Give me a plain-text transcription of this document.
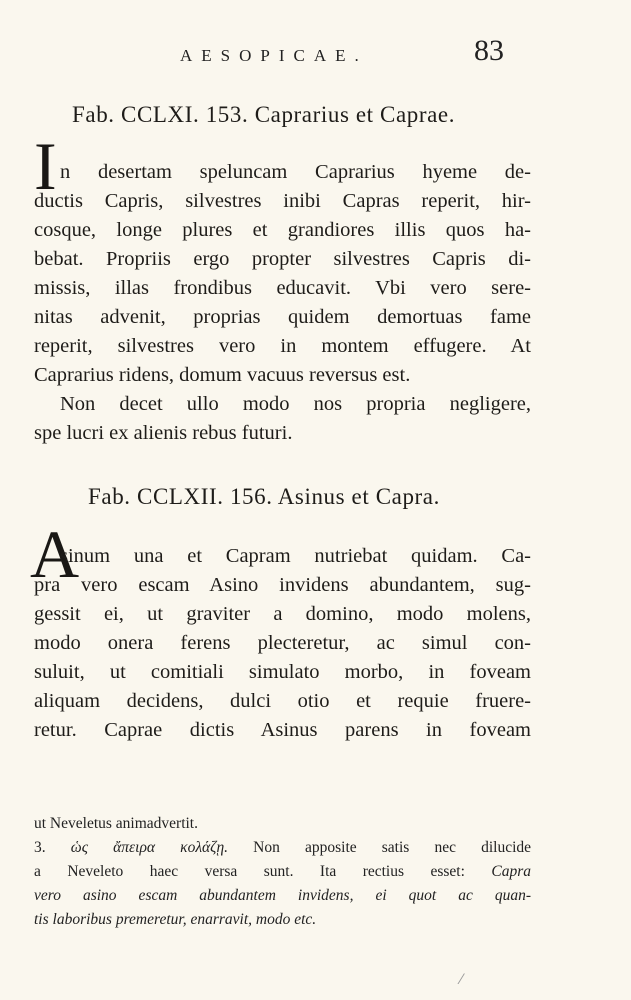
AESOPICAE.	83
Fab. CCLXI. 153. Caprarius et Caprae.
I n desertam speluncam Caprarius hyeme de-
ductis Capris, silvestres inibi Capras reperit, hir-
cosque, longe plures et grandiores illis quos ha-
bebat. Propriis ergo propter silvestres Capris di-
missis, illas frondibus educavit. Vbi vero sere-
nitas advenit, proprias quidem demortuas fame
reperit, silvestres vero in montem effugere. At
Caprarius ridens, domum vacuus reversus est.
Non decet ullo modo nos propria negligere,
spe lucri ex alienis rebus futuri.
Fab. CCLXII. 156. Asinus et Capra.
A
sinum una et Capram nutriebat quidam. Ca-
pra vero escam Asino invidens abundantem, sug-
gessit ei, ut graviter a domino, modo molens,
modo onera ferens plecteretur, ac simul con-
suluit, ut comitiali simulato morbo, in foveam
aliquam decidens, dulci otio et requie fruere-
retur. Caprae dictis Asinus parens in foveam
ut Neveletus animadvertit.
3. ὡς ἄπειρα κολάζῃ. Non apposite satis nec dilucide
a Neveleto haec versa sunt. Ita rectius esset: Capra
vero asino escam abundantem invidens, ei quot ac quan-
tis laboribus premeretur, enarravit, modo etc.
⁄
